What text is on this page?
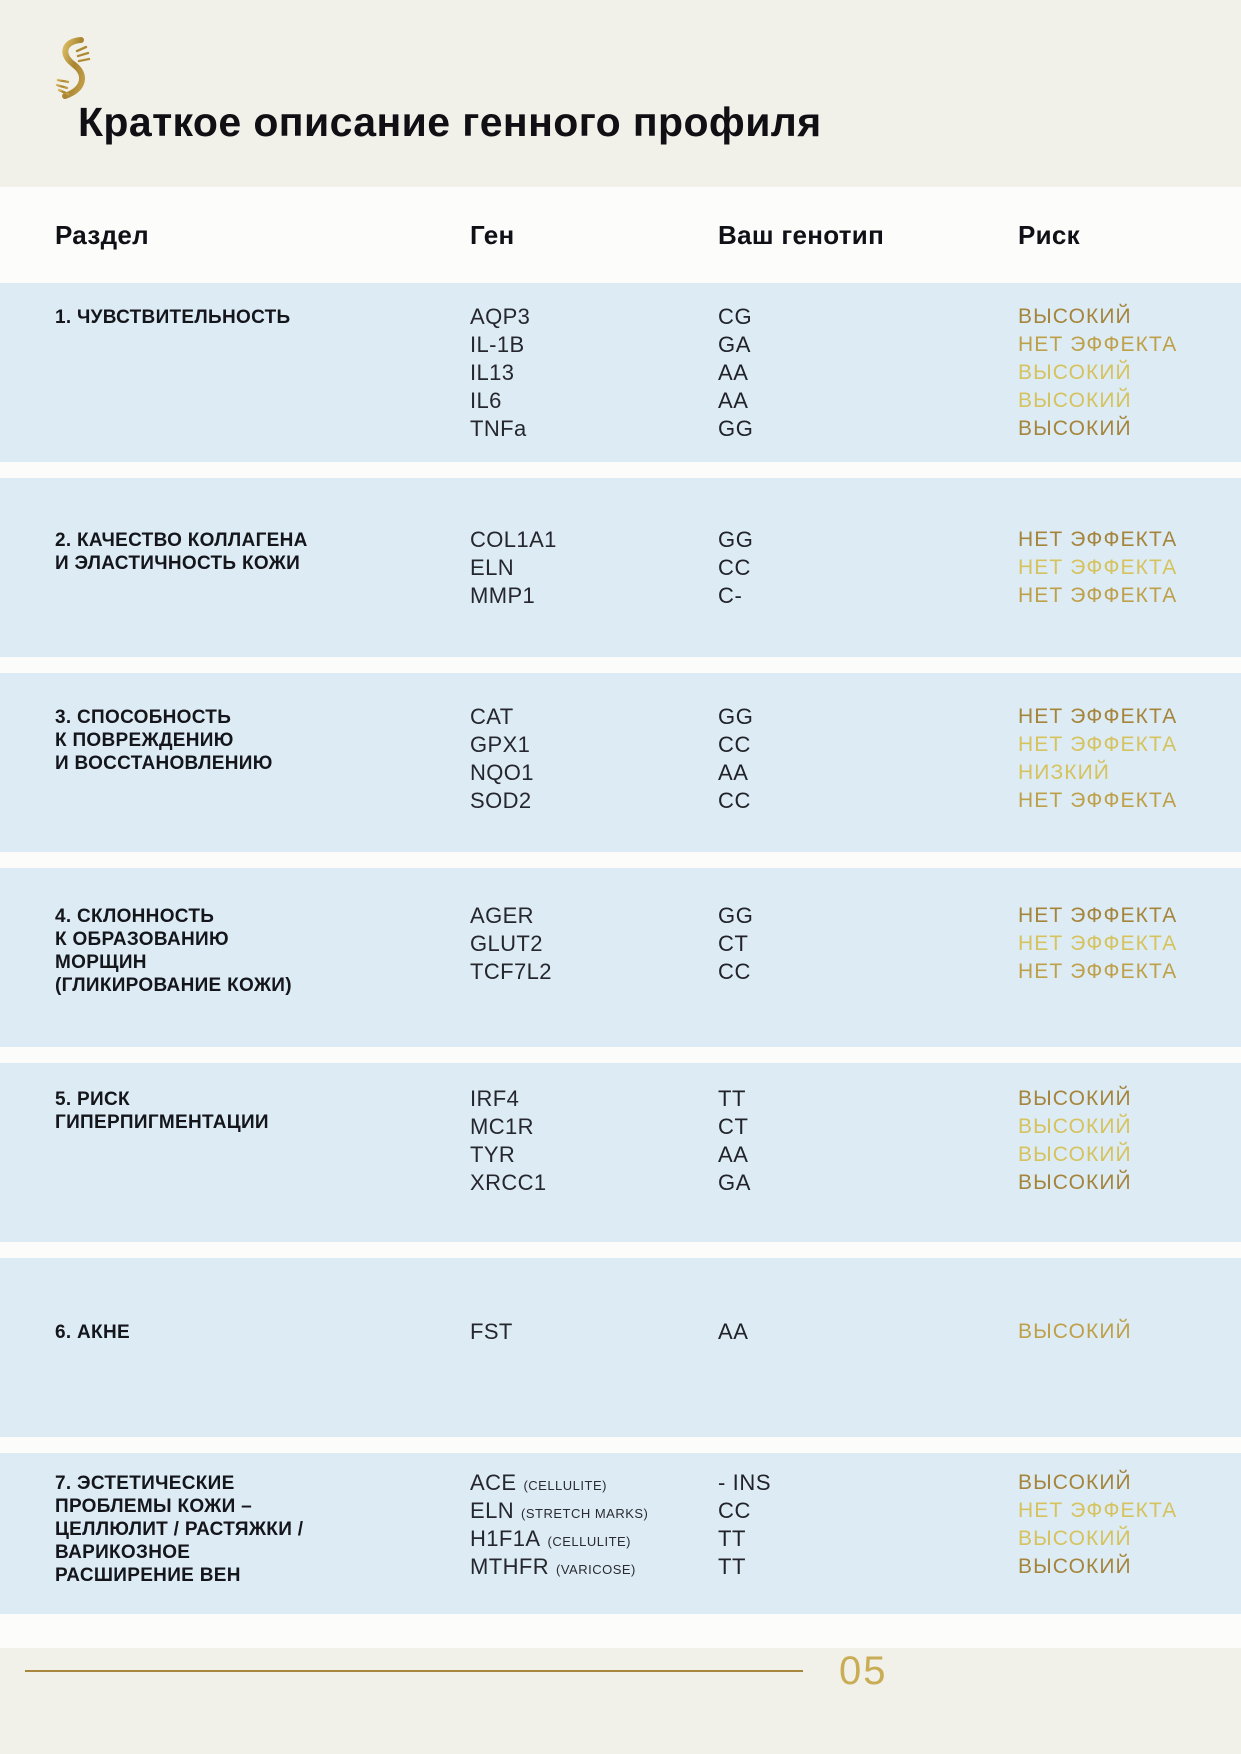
Краткое описание генного профиля
Раздел	Ген	Ваш генотип	Риск
1. ЧУВСТВИТЕЛЬНОСТЬ	AQP3	CG	ВЫСОКИЙ
IL-1B	GA	НЕТ ЭФФЕКТА
IL13	AA	ВЫСОКИЙ
IL6	AA	ВЫСОКИЙ
TNFa	GG	ВЫСОКИЙ
2. КАЧЕСТВО КОЛЛАГЕНА
И ЭЛАСТИЧНОСТЬ КОЖИ
COL1A1	GG	НЕТ ЭФФЕКТА
ELN	CC	НЕТ ЭФФЕКТА
MMP1	C-	НЕТ ЭФФЕКТА
3. СПОСОБНОСТЬ
К ПОВРЕЖДЕНИЮ
И ВОССТАНОВЛЕНИЮ
CAT	GG	НЕТ ЭФФЕКТА
GPX1	CC	НЕТ ЭФФЕКТА
NQO1	AA	НИЗКИЙ
SOD2	CC	НЕТ ЭФФЕКТА
4. СКЛОННОСТЬ
К ОБРАЗОВАНИЮ
МОРЩИН
(ГЛИКИРОВАНИЕ КОЖИ)
AGER	GG	НЕТ ЭФФЕКТА
GLUT2	CT	НЕТ ЭФФЕКТА
TCF7L2	CC	НЕТ ЭФФЕКТА
5. РИСК
ГИПЕРПИГМЕНТАЦИИ
IRF4	TT	ВЫСОКИЙ
MC1R	CT	ВЫСОКИЙ
TYR	AA	ВЫСОКИЙ
XRCC1	GA	ВЫСОКИЙ
6. АКНЕ	FST	AA	ВЫСОКИЙ
7. ЭСТЕТИЧЕСКИЕ
ПРОБЛЕМЫ КОЖИ –
ЦЕЛЛЮЛИТ / РАСТЯЖКИ /
ВАРИКОЗНОЕ
РАСШИРЕНИЕ ВЕН
ACE (CELLULITE)	- INS	ВЫСОКИЙ
ELN (STRETCH MARKS)	CC	НЕТ ЭФФЕКТА
H1F1A (CELLULITE)	TT	ВЫСОКИЙ
MTHFR (VARICOSE)	TT	ВЫСОКИЙ
05
